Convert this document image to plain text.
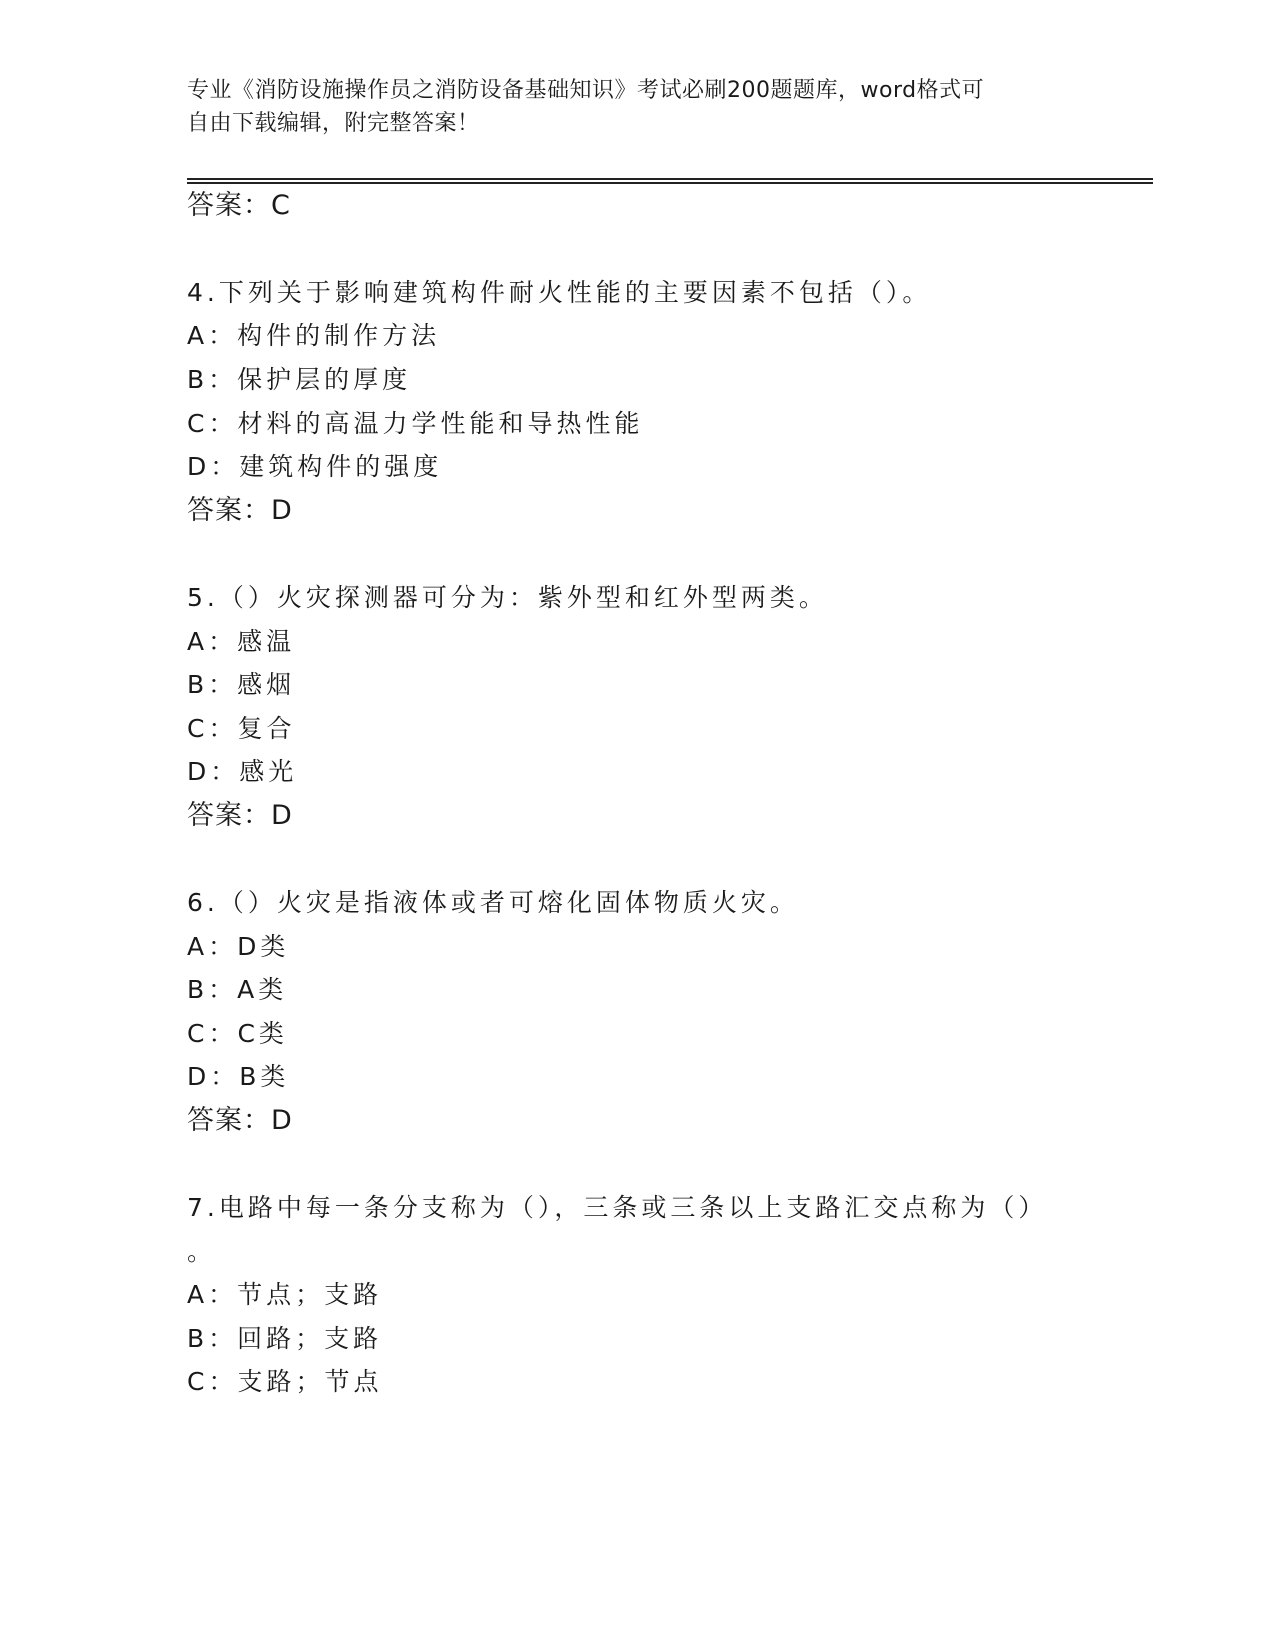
专业《消防设施操作员之消防设备基础知识》考试必刷200题题库，word格式可
自由下载编辑，附完整答案！
答案：C
4.下列关于影响建筑构件耐火性能的主要因素不包括（）。
A：构件的制作方法
B：保护层的厚度
C：材料的高温力学性能和导热性能
D：建筑构件的强度
答案：D
5.（）火灾探测器可分为：紫外型和红外型两类。
A：感温
B：感烟
C：复合
D：感光
答案：D
6.（）火灾是指液体或者可熔化固体物质火灾。
A：D类
B：A类
C：C类
D：B类
答案：D
7.电路中每一条分支称为（），三条或三条以上支路汇交点称为（）
。
A：节点；支路
B：回路；支路
C：支路；节点
